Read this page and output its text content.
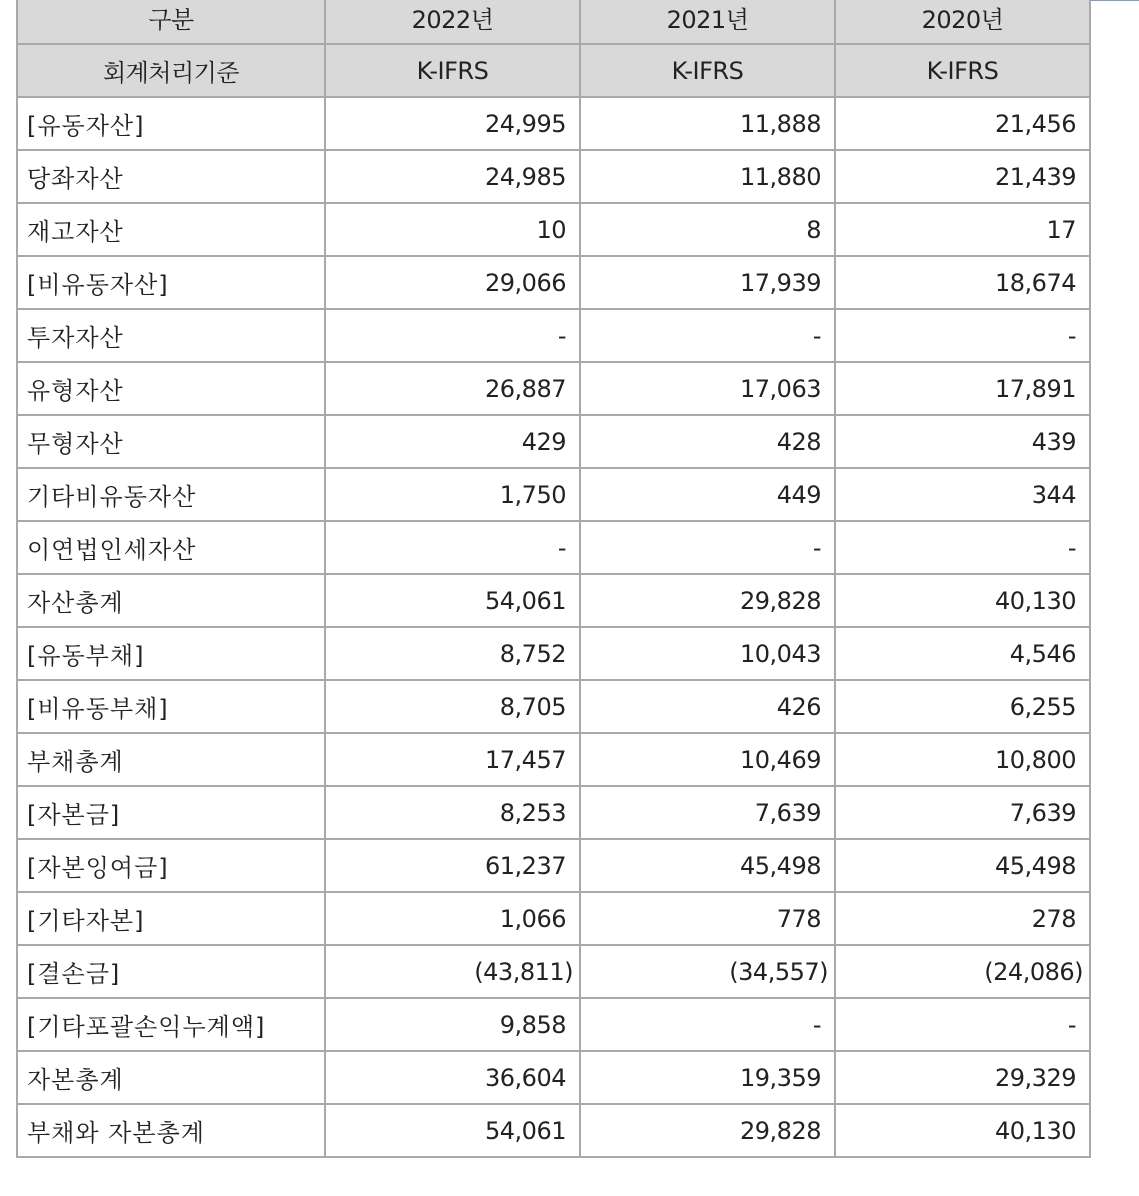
구분	2022년	2021년	2020년
회계처리기준	K-IFRS	K-IFRS	K-IFRS
[유동자산]	24,995	11,888	21,456
당좌자산	24,985	11,880	21,439
재고자산	10	8	17
[비유동자산]	29,066	17,939	18,674
투자자산	-	-	-
유형자산	26,887	17,063	17,891
무형자산	429	428	439
기타비유동자산	1,750	449	344
이연법인세자산	-	-	-
자산총계	54,061	29,828	40,130
[유동부채]	8,752	10,043	4,546
[비유동부채]	8,705	426	6,255
부채총계	17,457	10,469	10,800
[자본금]	8,253	7,639	7,639
[자본잉여금]	61,237	45,498	45,498
[기타자본]	1,066	778	278
[결손금]	(43,811)	(34,557)	(24,086)
[기타포괄손익누계액]	9,858	-	-
자본총계	36,604	19,359	29,329
부채와 자본총계	54,061	29,828	40,130
